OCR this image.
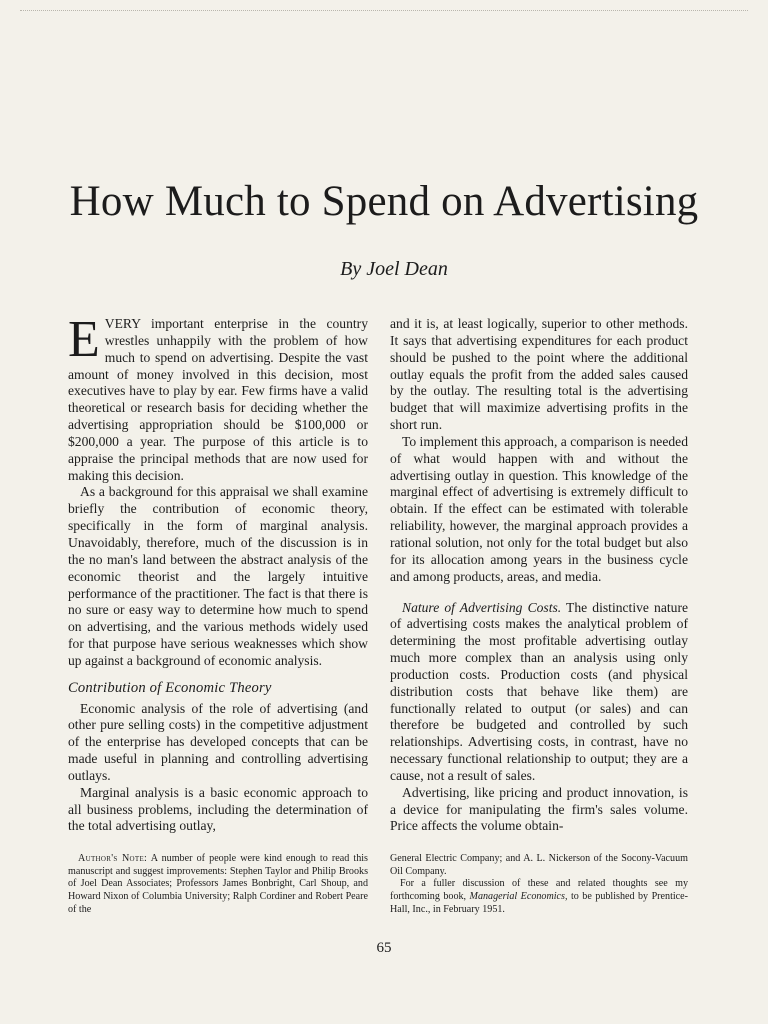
How Much to Spend on Advertising
By Joel Dean

EVERY important enterprise in the country wrestles unhappily with the problem of how much to spend on advertising. Despite the vast amount of money involved in this decision, most executives have to play by ear. Few firms have a valid theoretical or research basis for deciding whether the advertising appropriation should be $100,000 or $200,000 a year. The purpose of this article is to appraise the principal methods that are now used for making this decision.

As a background for this appraisal we shall examine briefly the contribution of economic theory, specifically in the form of marginal analysis. Unavoidably, therefore, much of the discussion is in the no man's land between the abstract analysis of the economic theorist and the largely intuitive performance of the practitioner. The fact is that there is no sure or easy way to determine how much to spend on advertising, and the various methods widely used for that purpose have serious weaknesses which show up against a background of economic analysis.

Contribution of Economic Theory

Economic analysis of the role of advertising (and other pure selling costs) in the competitive adjustment of the enterprise has developed concepts that can be made useful in planning and controlling advertising outlays.

Marginal analysis is a basic economic approach to all business problems, including the determination of the total advertising outlay,

and it is, at least logically, superior to other methods. It says that advertising expenditures for each product should be pushed to the point where the additional outlay equals the profit from the added sales caused by the outlay. The resulting total is the advertising budget that will maximize advertising profits in the short run.

To implement this approach, a comparison is needed of what would happen with and without the advertising outlay in question. This knowledge of the marginal effect of advertising is extremely difficult to obtain. If the effect can be estimated with tolerable reliability, however, the marginal approach provides a rational solution, not only for the total budget but also for its allocation among years in the business cycle and among products, areas, and media.

Nature of Advertising Costs. The distinctive nature of advertising costs makes the analytical problem of determining the most profitable advertising outlay much more complex than an analysis using only production costs. Production costs (and physical distribution costs that behave like them) are functionally related to output (or sales) and can therefore be budgeted and controlled by such relationships. Advertising costs, in contrast, have no necessary functional relationship to output; they are a cause, not a result of sales.

Advertising, like pricing and product innovation, is a device for manipulating the firm's sales volume. Price affects the volume obtain-

Author's Note: A number of people were kind enough to read this manuscript and suggest improvements: Stephen Taylor and Philip Brooks of Joel Dean Associates; Professors James Bonbright, Carl Shoup, and Howard Nixon of Columbia University; Ralph Cordiner and Robert Peare of the

General Electric Company; and A. L. Nickerson of the Socony-Vacuum Oil Company.

For a fuller discussion of these and related thoughts see my forthcoming book, Managerial Economics, to be published by Prentice-Hall, Inc., in February 1951.

65
